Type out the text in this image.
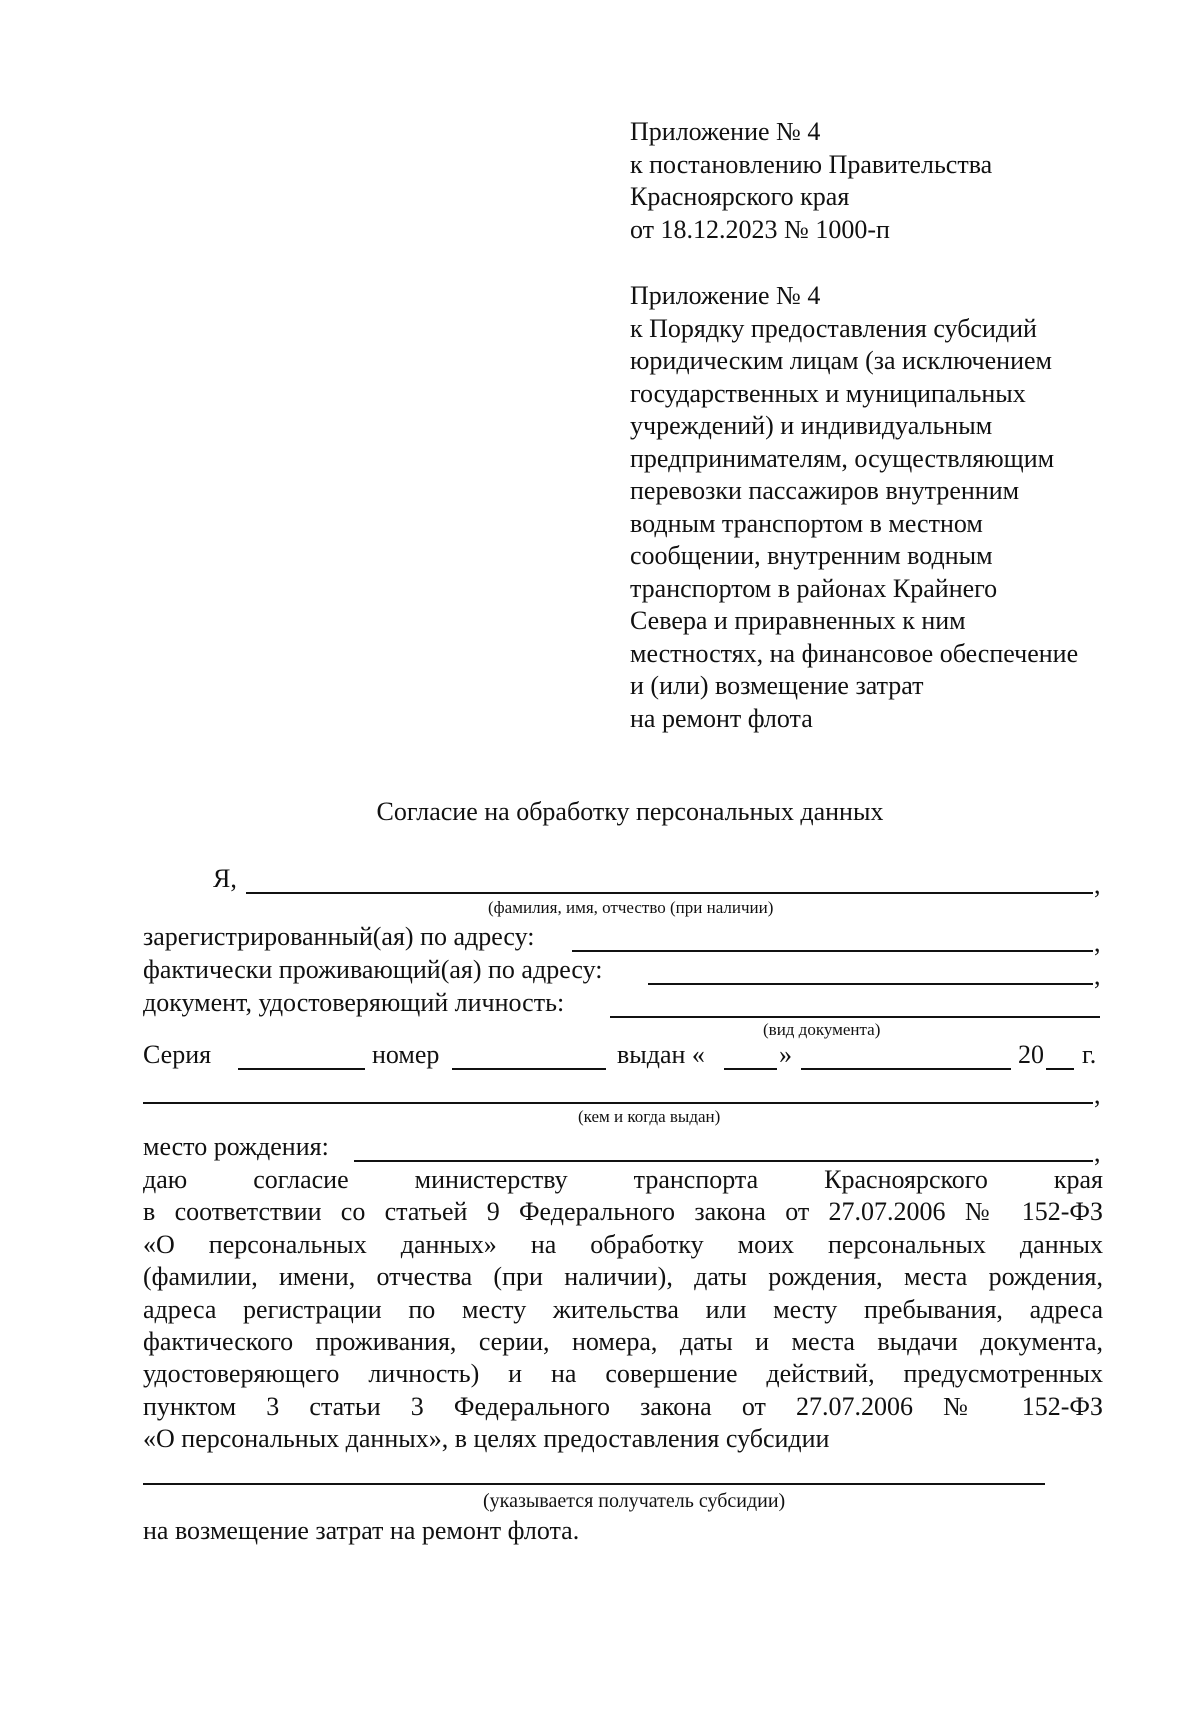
Приложение № 4
к постановлению Правительства
Красноярского края
от 18.12.2023 № 1000-п
Приложение № 4
к Порядку предоставления субсидий
юридическим лицам (за исключением
государственных и муниципальных
учреждений) и индивидуальным
предпринимателям, осуществляющим
перевозки пассажиров внутренним
водным транспортом в местном
сообщении, внутренним водным
транспортом в районах Крайнего
Севера и приравненных к ним
местностях, на финансовое обеспечение
и (или) возмещение затрат
на ремонт флота
Согласие на обработку персональных данных
Я,	,
(фамилия, имя, отчество (при наличии)
зарегистрированный(ая) по адресу:	,
фактически проживающий(ая) по адресу:	,
документ, удостоверяющий личность:
(вид документа)
Серия	номер	выдан «	»	20 г.
,
(кем и когда выдан)
место рождения:	,
даю согласие министерству транспорта Красноярского края
в соответствии со статьей 9 Федерального закона от 27.07.2006 № 152-ФЗ
«О персональных данных» на обработку моих персональных данных
(фамилии, имени, отчества (при наличии), даты рождения, места рождения,
адреса регистрации по месту жительства или месту пребывания, адреса
фактического проживания, серии, номера, даты и места выдачи документа,
удостоверяющего личность) и на совершение действий, предусмотренных
пунктом 3 статьи 3 Федерального закона от 27.07.2006 № 152-ФЗ
«О персональных данных», в целях предоставления субсидии
(указывается получатель субсидии)
на возмещение затрат на ремонт флота.
